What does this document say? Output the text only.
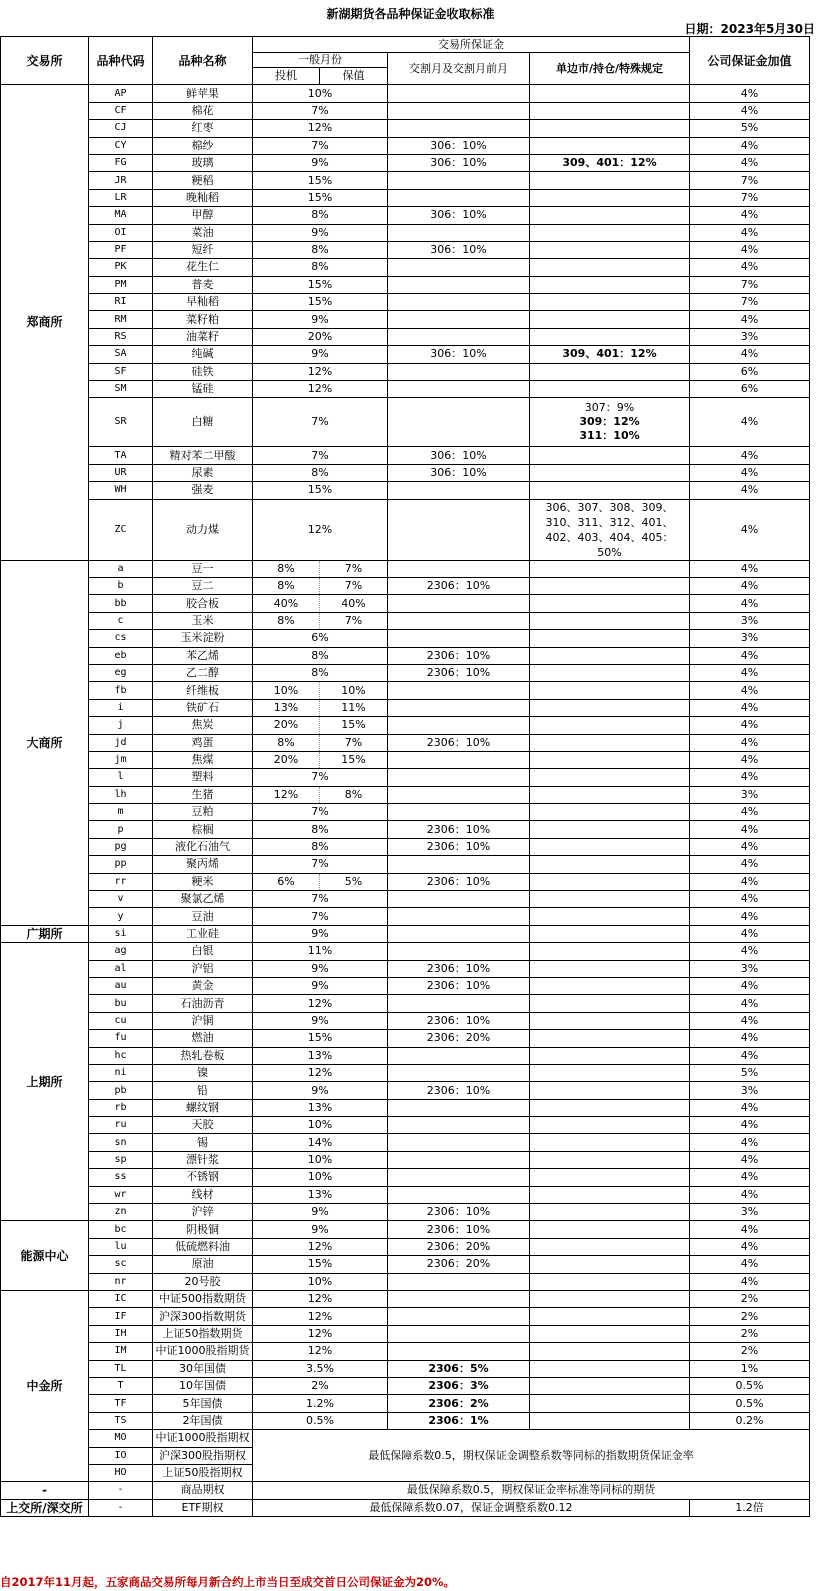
新湖期货各品种保证金收取标准
日期：2023年5月30日
交易所	品种代码	品种名称	交易所保证金				公司保证金加值
			一般月份		交割月及交割月前月	单边市/持仓/特殊规定	
			投机	保值			
郑商所	AP	鲜苹果	10%				4%
	CF	棉花	7%				4%
	CJ	红枣	12%				5%
	CY	棉纱	7%		306：10%		4%
	FG	玻璃	9%		306：10%	309、401：12%	4%
	JR	粳稻	15%				7%
	LR	晚籼稻	15%				7%
	MA	甲醇	8%		306：10%		4%
	OI	菜油	9%				4%
	PF	短纤	8%		306：10%		4%
	PK	花生仁	8%				4%
	PM	普麦	15%				7%
	RI	早籼稻	15%				7%
	RM	菜籽粕	9%				4%
	RS	油菜籽	20%				3%
	SA	纯碱	9%		306：10%	309、401：12%	4%
	SF	硅铁	12%				6%
	SM	锰硅	12%				6%
	SR	白糖	7%			307：9%
309：12%
311：10%	4%
	TA	精对苯二甲酸	7%		306：10%		4%
	UR	尿素	8%		306：10%		4%
	WH	强麦	15%				4%
	ZC	动力煤	12%			306、307、308、309、310、311、312、401、402、403、404、405：50%	4%
大商所	a	豆一	8%	7%			4%
	b	豆二	8%	7%	2306：10%		4%
	bb	胶合板	40%	40%			4%
	c	玉米	8%	7%			3%
	cs	玉米淀粉	6%				3%
	eb	苯乙烯	8%		2306：10%		4%
	eg	乙二醇	8%		2306：10%		4%
	fb	纤维板	10%	10%			4%
	i	铁矿石	13%	11%			4%
	j	焦炭	20%	15%			4%
	jd	鸡蛋	8%	7%	2306：10%		4%
	jm	焦煤	20%	15%			4%
	l	塑料	7%				4%
	lh	生猪	12%	8%			3%
	m	豆粕	7%				4%
	p	棕榈	8%		2306：10%		4%
	pg	液化石油气	8%		2306：10%		4%
	pp	聚丙烯	7%				4%
	rr	粳米	6%	5%	2306：10%		4%
	v	聚氯乙烯	7%				4%
	y	豆油	7%				4%
广期所	si	工业硅	9%				4%
上期所	ag	白银	11%				4%
	al	沪铝	9%		2306：10%		3%
	au	黄金	9%		2306：10%		4%
	bu	石油沥青	12%				4%
	cu	沪铜	9%		2306：10%		4%
	fu	燃油	15%		2306：20%		4%
	hc	热轧卷板	13%				4%
	ni	镍	12%				5%
	pb	铅	9%		2306：10%		3%
	rb	螺纹钢	13%				4%
	ru	天胶	10%				4%
	sn	锡	14%				4%
	sp	漂针浆	10%				4%
	ss	不锈钢	10%				4%
	wr	线材	13%				4%
	zn	沪锌	9%		2306：10%		3%
能源中心	bc	阴极铜	9%		2306：10%		4%
	lu	低硫燃料油	12%		2306：20%		4%
	sc	原油	15%		2306：20%		4%
	nr	20号胶	10%				4%
中金所	IC	中证500指数期货	12%				2%
	IF	沪深300指数期货	12%				2%
	IH	上证50指数期货	12%				2%
	IM	中证1000股指期货	12%				2%
	TL	30年国债	3.5%		2306：5%		1%
	T	10年国债	2%		2306：3%		0.5%
	TF	5年国债	1.2%		2306：2%		0.5%
	TS	2年国债	0.5%		2306：1%		0.2%
	MO	中证1000股指期权	最低保障系数0.5，期权保证金调整系数等同标的指数期货保证金率				
	IO	沪深300股指期权					
	HO	上证50股指期权					
-	-	商品期权	最低保障系数0.5，期权保证金率标准等同标的期货				
上交所/深交所	-	ETF期权	最低保障系数0.07，保证金调整系数0.12				1.2倍
自2017年11月起，五家商品交易所每月新合约上市当日至成交首日公司保证金为20%。
